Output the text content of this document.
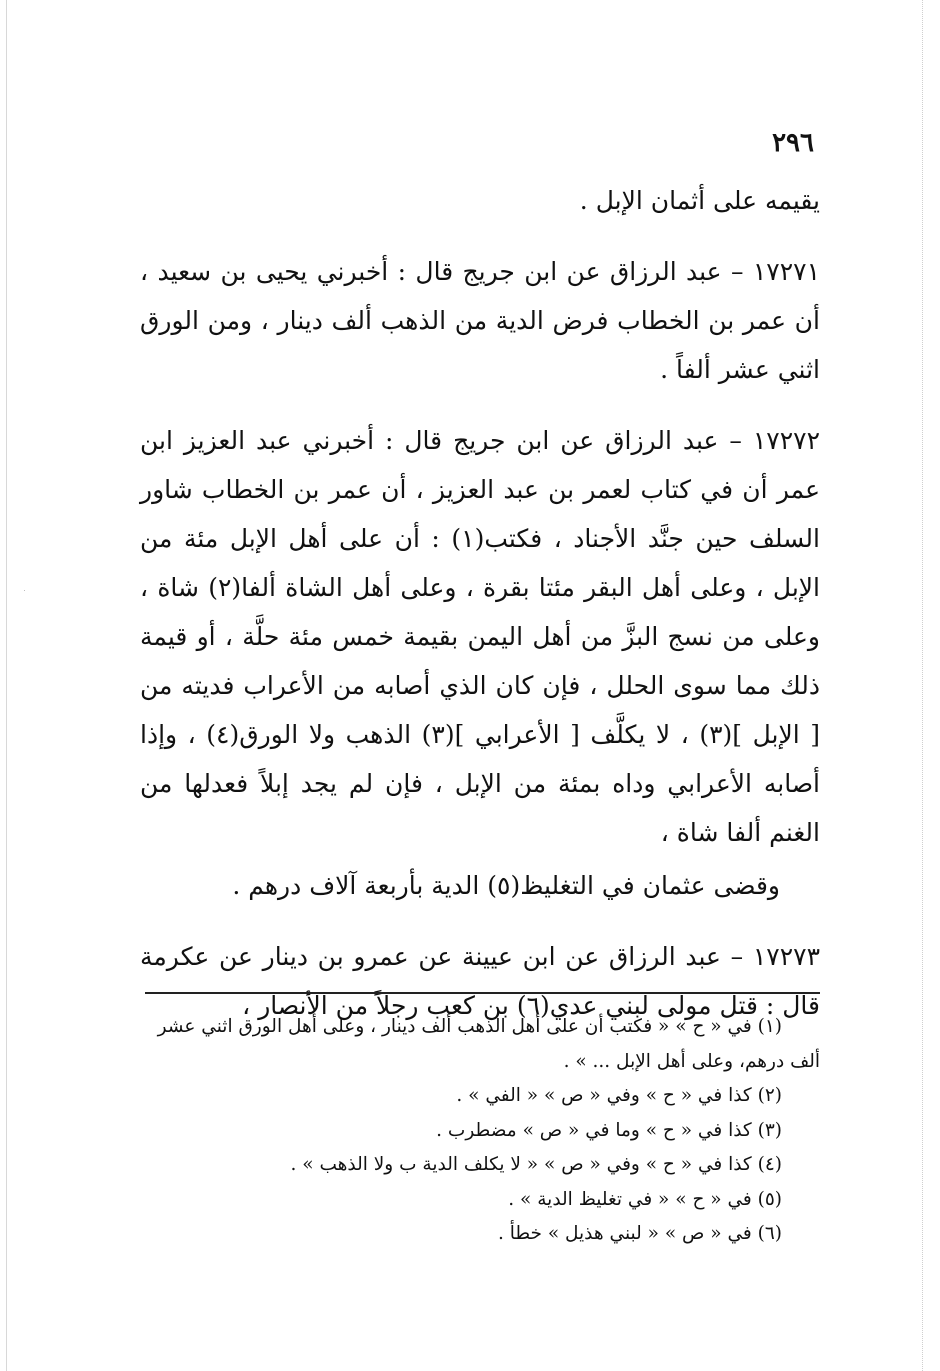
٢٩٦

يقيمه على أثمان الإبل .

١٧٢٧١ – عبد الرزاق عن ابن جريج قال : أخبرني يحيى بن سعيد ، أن عمر بن الخطاب فرض الدية من الذهب ألف دينار ، ومن الورق اثني عشر ألفاً .

١٧٢٧٢ – عبد الرزاق عن ابن جريج قال : أخبرني عبد العزيز ابن عمر أن في كتاب لعمر بن عبد العزيز ، أن عمر بن الخطاب شاور السلف حين جنَّد الأجناد ، فكتب(١) : أن على أهل الإبل مئة من الإبل ، وعلى أهل البقر مئتا بقرة ، وعلى أهل الشاة ألفا(٢) شاة ، وعلى من نسج البزَّ من أهل اليمن بقيمة خمس مئة حلَّة ، أو قيمة ذلك مما سوى الحلل ، فإن كان الذي أصابه من الأعراب فديته من [ الإبل ](٣) ، لا يكلَّف [ الأعرابي ](٣) الذهب ولا الورق(٤) ، وإذا أصابه الأعرابي وداه بمئة من الإبل ، فإن لم يجد إبلاً فعدلها من الغنم ألفا شاة ،

وقضى عثمان في التغليظ(٥) الدية بأربعة آلاف درهم .

١٧٢٧٣ – عبد الرزاق عن ابن عيينة عن عمرو بن دينار عن عكرمة قال : قتل مولى لبني عدي(٦) بن كعب رجلاً من الأنصار ،

(١) في « ح » « فكتب أن على أهل الذهب ألف دينار ، وعلى أهل الورق اثني عشر ألف درهم، وعلى أهل الإبل ... » .

(٢) كذا في « ح » وفي « ص » « الفي » .

(٣) كذا في « ح » وما في « ص » مضطرب .

(٤) كذا في « ح » وفي « ص » « لا يكلف الدية ب ولا الذهب » .

(٥) في « ح » « في تغليظ الدية » .

(٦) في « ص » « لبني هذيل » خطأ .
